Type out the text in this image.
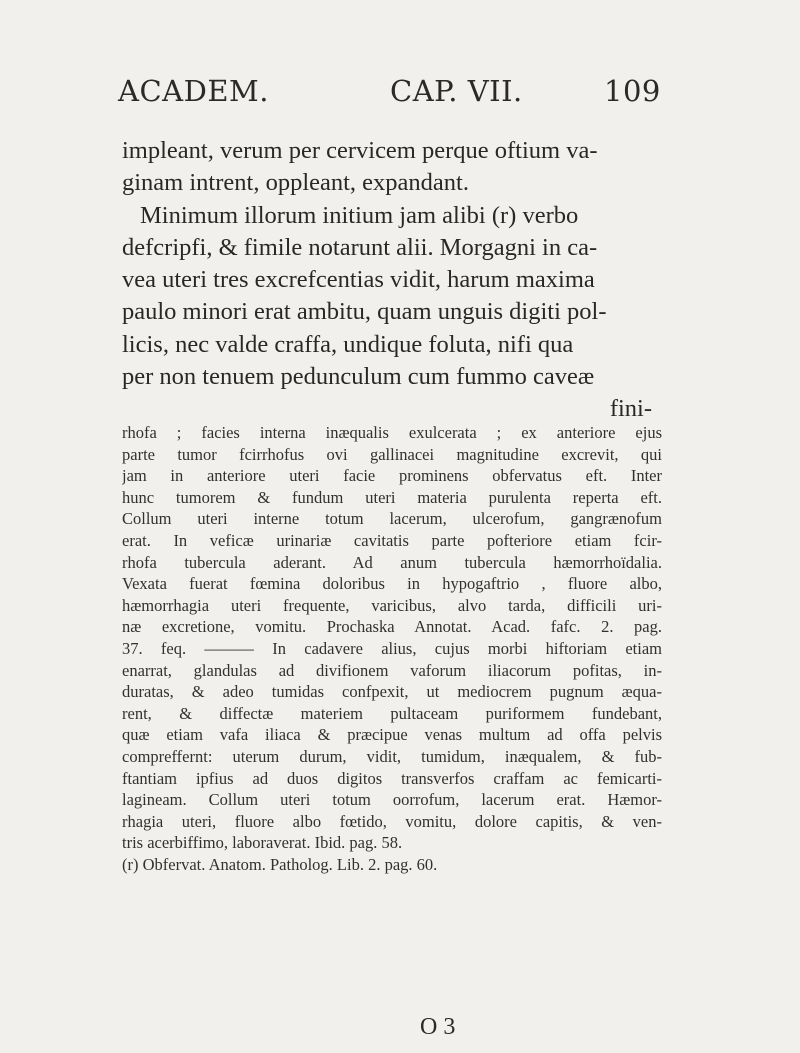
ACADEM.	CAP. VII.	109
impleant, verum per cervicem perque oftium va-
ginam intrent, oppleant, expandant.
Minimum illorum initium jam alibi (r) verbo
defcripfi, & fimile notarunt alii. Morgagni in ca-
vea uteri tres excrefcentias vidit, harum maxima
paulo minori erat ambitu, quam unguis digiti pol-
licis, nec valde craffa, undique foluta, nifi qua
per non tenuem pedunculum cum fummo caveæ
fini-
rhofa ; facies interna inæqualis exulcerata ; ex anteriore ejus
parte tumor fcirrhofus ovi gallinacei magnitudine excrevit, qui
jam in anteriore uteri facie prominens obfervatus eft. Inter
hunc tumorem & fundum uteri materia purulenta reperta eft.
Collum uteri interne totum lacerum, ulcerofum, gangrænofum
erat. In veficæ urinariæ cavitatis parte pofteriore etiam fcir-
rhofa tubercula aderant. Ad anum tubercula hæmorrhoïdalia.
Vexata fuerat fœmina doloribus in hypogaftrio , fluore albo,
hæmorrhagia uteri frequente, varicibus, alvo tarda, difficili uri-
næ excretione, vomitu. Prochaska Annotat. Acad. fafc. 2. pag.
37. feq. ——— In cadavere alius, cujus morbi hiftoriam etiam
enarrat, glandulas ad divifionem vaforum iliacorum pofitas, in-
duratas, & adeo tumidas confpexit, ut mediocrem pugnum æqua-
rent, & diffectæ materiem pultaceam puriformem fundebant,
quæ etiam vafa iliaca & præcipue venas multum ad offa pelvis
compreffernt: uterum durum, vidit, tumidum, inæqualem, & fub-
ftantiam ipfius ad duos digitos transverfos craffam ac femicarti-
lagineam. Collum uteri totum oorrofum, lacerum erat. Hæmor-
rhagia uteri, fluore albo fœtido, vomitu, dolore capitis, & ven-
tris acerbiffimo, laboraverat. Ibid. pag. 58.
(r) Obfervat. Anatom. Patholog. Lib. 2. pag. 60.
O 3
